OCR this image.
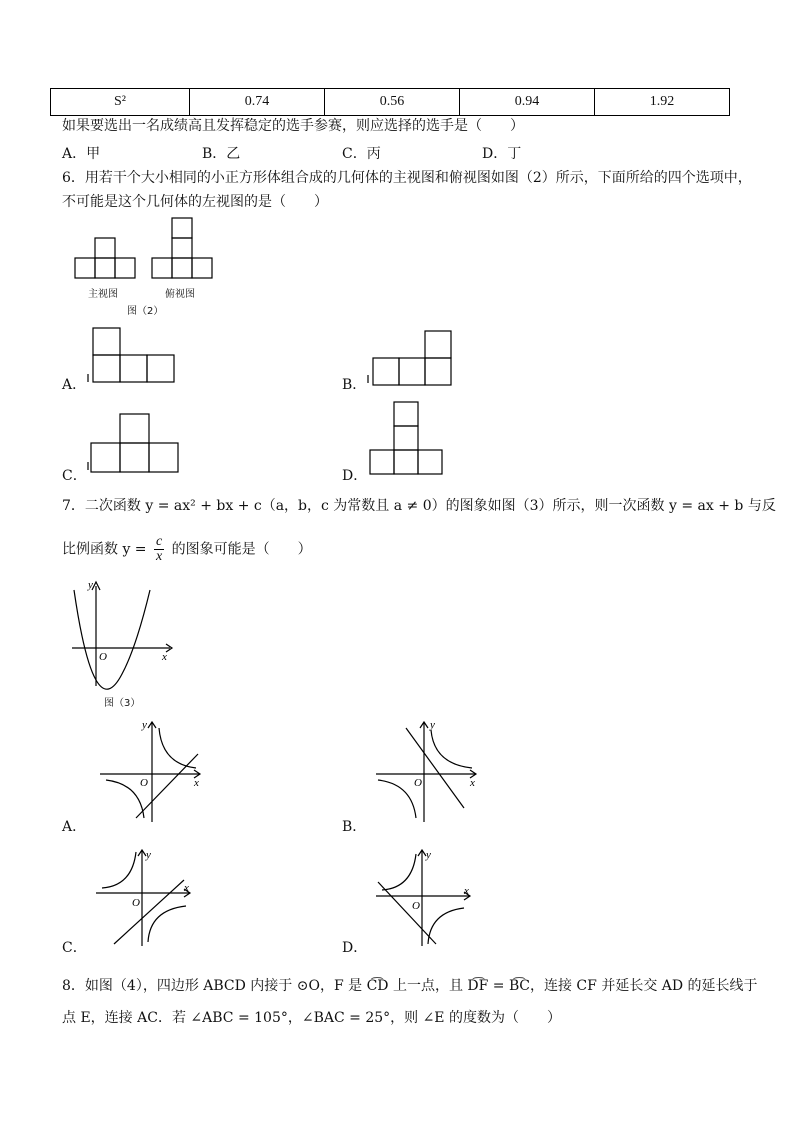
S²	0.74	0.56	0.94	1.92
如果要选出一名成绩高且发挥稳定的选手参赛，则应选择的选手是（　　）
A．甲	B．乙	C．丙	D．丁
6．用若干个大小相同的小正方形体组合成的几何体的主视图和俯视图如图（2）所示，下面所给的四个选项中，
不可能是这个几何体的左视图的是（　　）
主视图	俯视图
图（2）
A．	B．
C．	D．
7．二次函数 y = ax² + bx + c（a，b，c 为常数且 a ≠ 0）的图象如图（3）所示，则一次函数 y = ax + b 与反
比例函数 $y = \frac{c}{x}$ 的图象可能是（　　）
y
x
O
图（3）
A．
y
x
O
B．
y
x
O
C．
y
x
O
D．
y
x
O
8．如图（4），四边形 ABCD 内接于 ⊙O，F 是 C͡D 上一点，且 D͡F = B͡C，连接 CF 并延长交 AD 的延长线于
点 E，连接 AC．若 ∠ABC = 105°，∠BAC = 25°，则 ∠E 的度数为（　　）
